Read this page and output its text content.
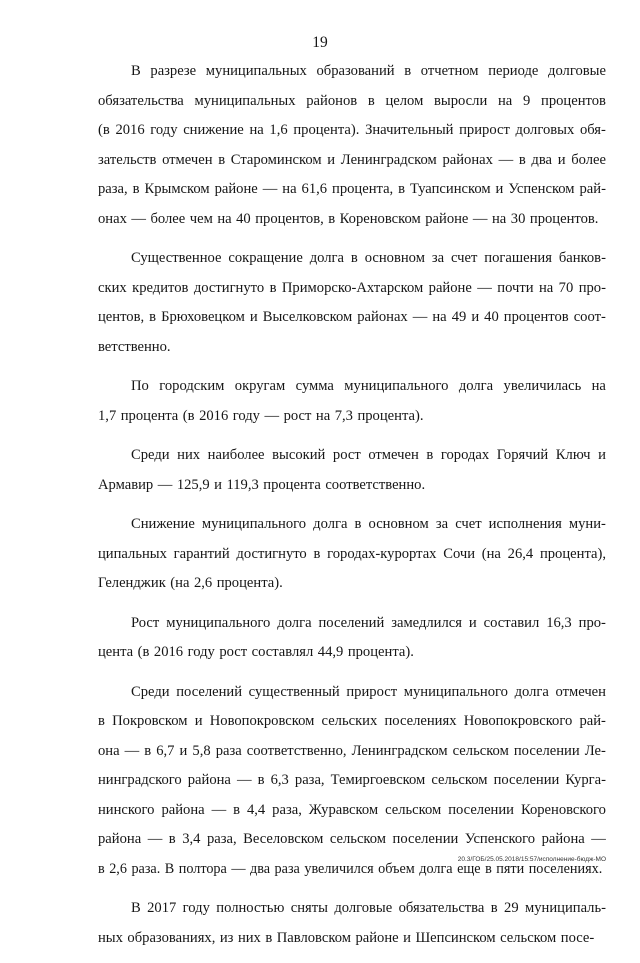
19
В разрезе муниципальных образований в отчетном периоде долговые
обязательства муниципальных районов в целом выросли на 9 процентов
(в 2016 году снижение на 1,6 процента). Значительный прирост долговых обя-
зательств отмечен в Староминском и Ленинградском районах — в два и более
раза, в Крымском районе — на 61,6 процента, в Туапсинском и Успенском рай-
онах — более чем на 40 процентов, в Кореновском районе — на 30 процентов.
Существенное сокращение долга в основном за счет погашения банков-
ских кредитов достигнуто в Приморско-Ахтарском районе — почти на 70 про-
центов, в Брюховецком и Выселковском районах — на 49 и 40 процентов соот-
ветственно.
По городским округам сумма муниципального долга увеличилась на
1,7 процента (в 2016 году — рост на 7,3 процента).
Среди них наиболее высокий рост отмечен в городах Горячий Ключ и
Армавир — 125,9 и 119,3 процента соответственно.
Снижение муниципального долга в основном за счет исполнения муни-
ципальных гарантий достигнуто в городах-курортах Сочи (на 26,4 процента),
Геленджик (на 2,6 процента).
Рост муниципального долга поселений замедлился и составил 16,3 про-
цента (в 2016 году рост составлял 44,9 процента).
Среди поселений существенный прирост муниципального долга отмечен
в Покровском и Новопокровском сельских поселениях Новопокровского рай-
она — в 6,7 и 5,8 раза соответственно, Ленинградском сельском поселении Ле-
нинградского района — в 6,3 раза, Темиргоевском сельском поселении Курга-
нинского района — в 4,4 раза, Журавском сельском поселении Кореновского
района — в 3,4 раза, Веселовском сельском поселении Успенского района —
в 2,6 раза. В полтора — два раза увеличился объем долга еще в пяти поселениях.
В 2017 году полностью сняты долговые обязательства в 29 муниципаль-
ных образованиях, из них в Павловском районе и Шепсинском сельском посе-
20.3/ГОБ/25.05.2018/15:57/исполнение-бюдж-МО
